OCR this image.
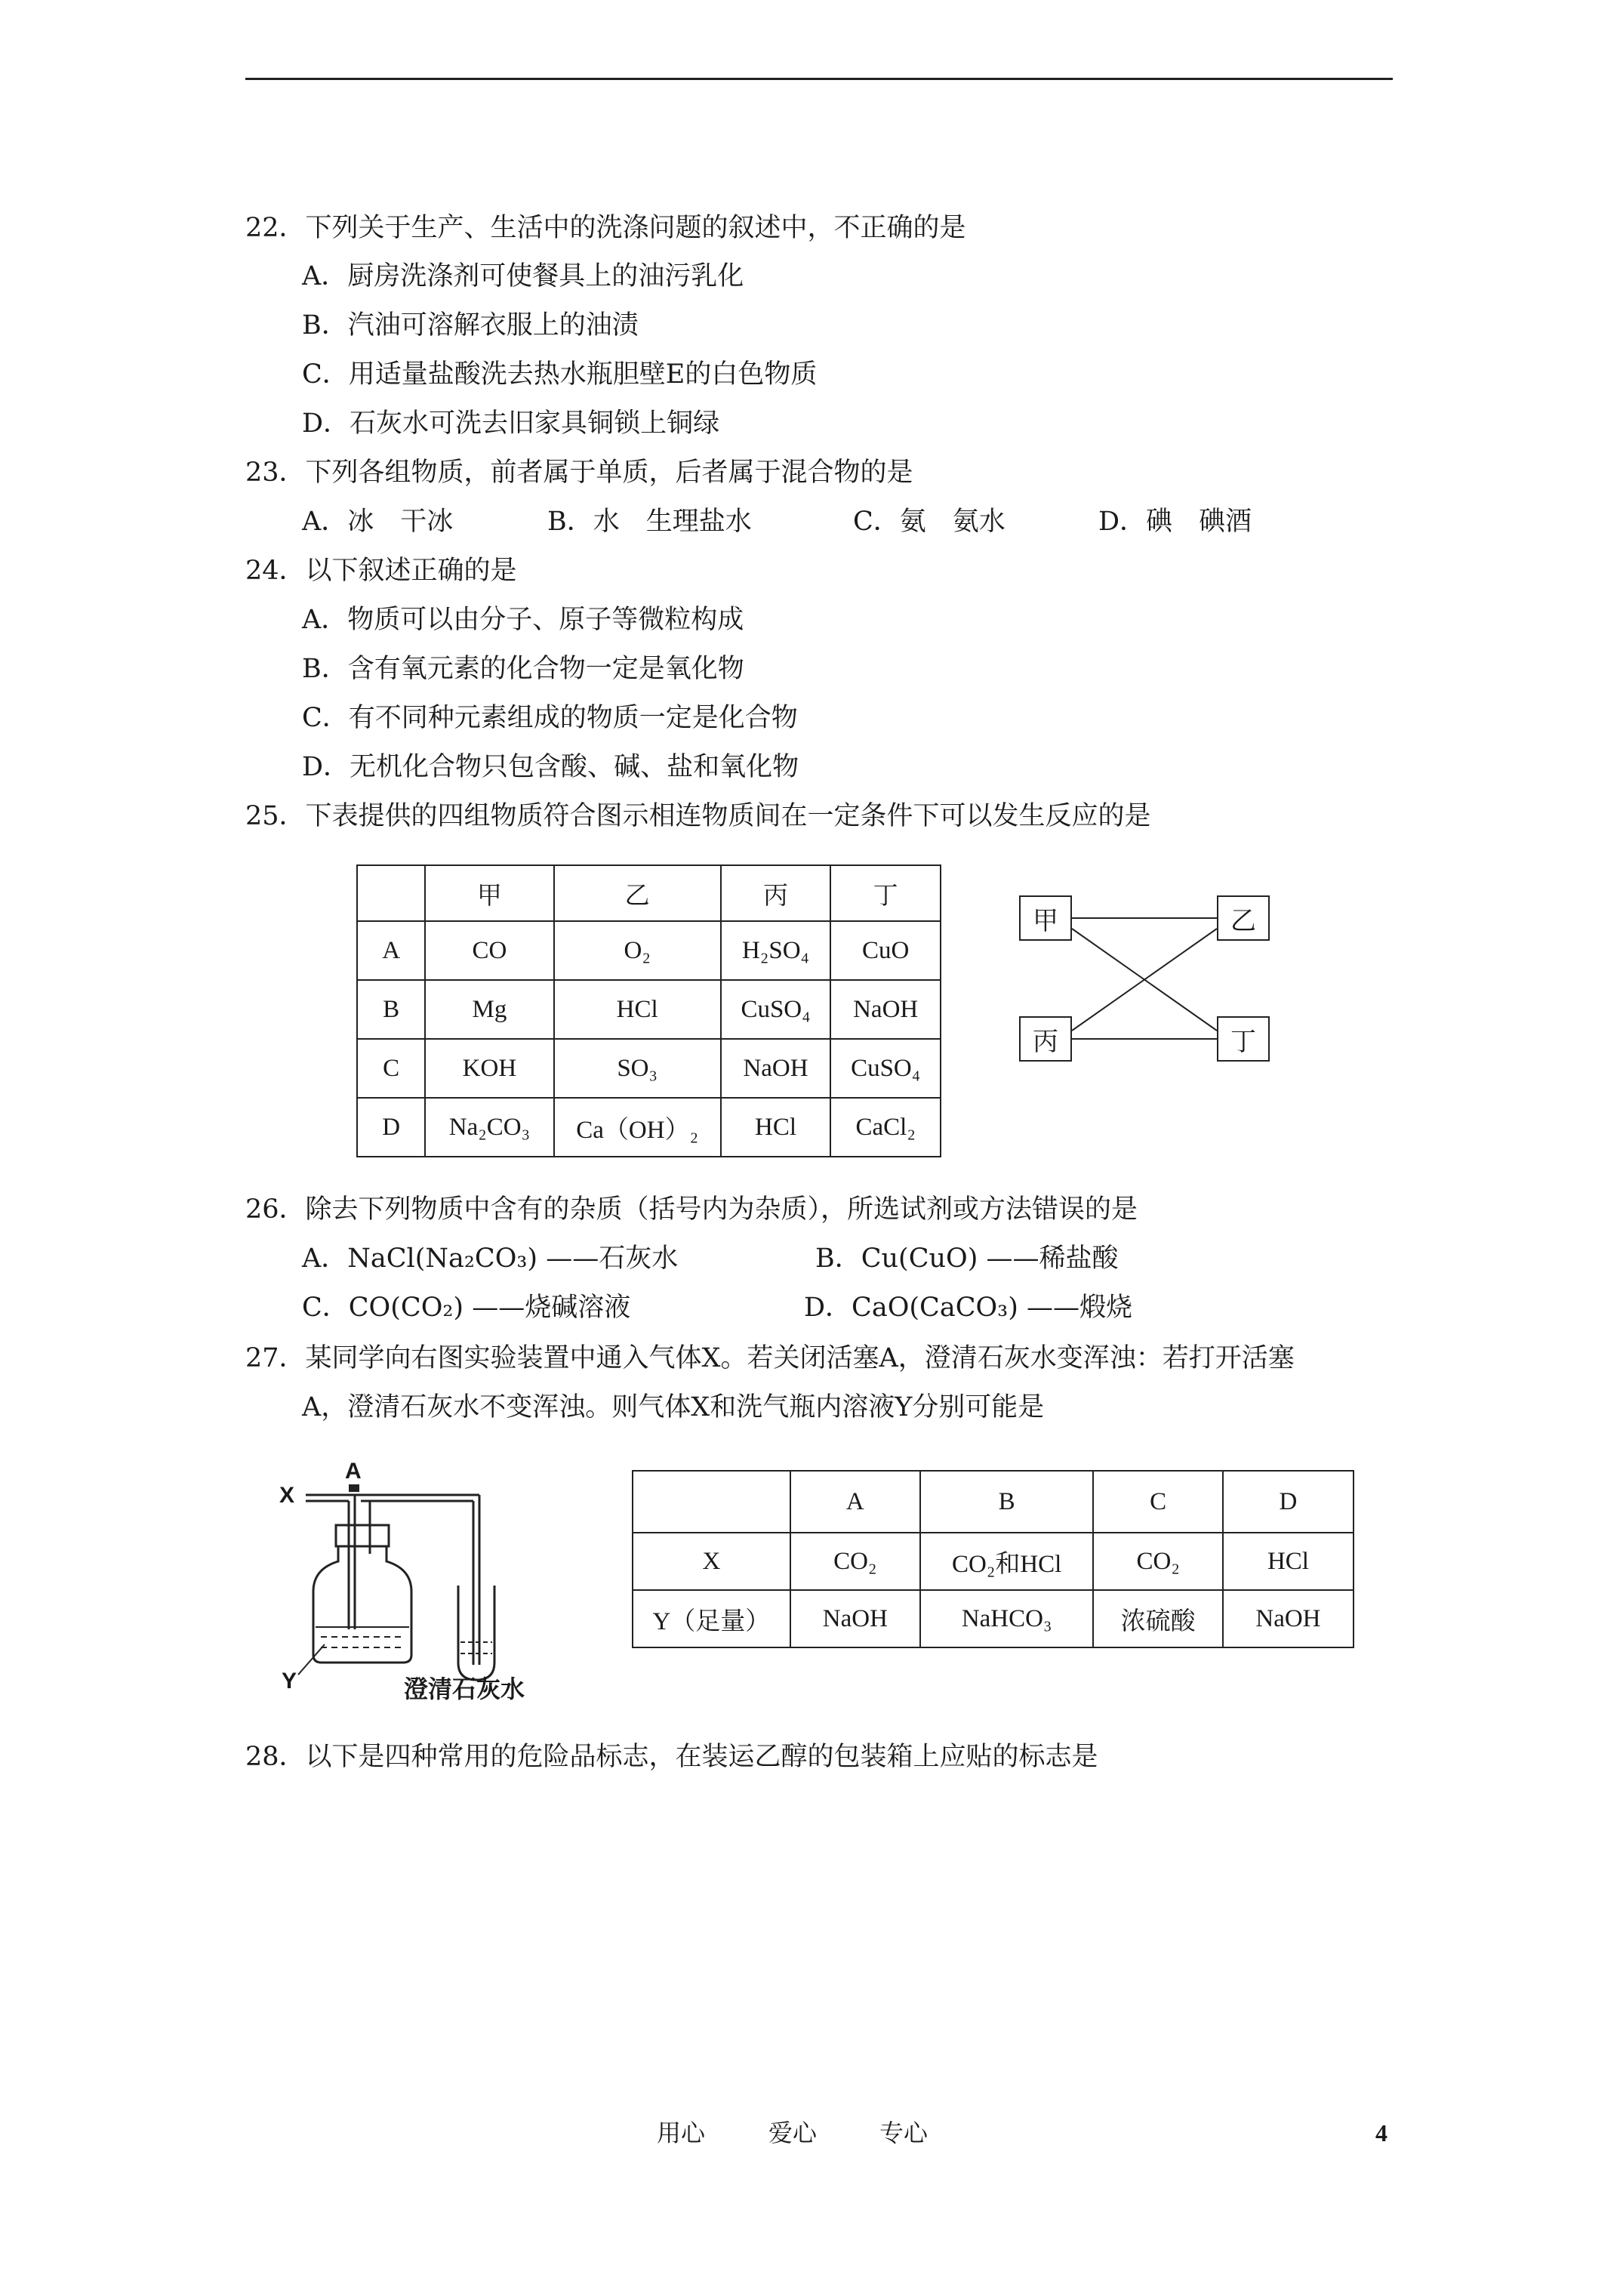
22．下列关于生产、生活中的洗涤问题的叙述中，不正确的是
A．厨房洗涤剂可使餐具上的油污乳化
B．汽油可溶解衣服上的油渍
C．用适量盐酸洗去热水瓶胆壁E的白色物质
D．石灰水可洗去旧家具铜锁上铜绿
23．下列各组物质，前者属于单质，后者属于混合物的是
A．冰　干冰	B．水　生理盐水	C．氨　氨水	D．碘　碘酒
24．以下叙述正确的是
A．物质可以由分子、原子等微粒构成
B．含有氧元素的化合物一定是氧化物
C．有不同种元素组成的物质一定是化合物
D．无机化合物只包含酸、碱、盐和氧化物
25．下表提供的四组物质符合图示相连物质间在一定条件下可以发生反应的是
	甲	乙	丙	丁
A	CO	O₂	H₂SO₄	CuO
B	Mg	HCl	CuSO₄	NaOH
C	KOH	SO₃	NaOH	CuSO₄
D	Na₂CO₃	Ca（OH）₂	HCl	CaCl₂
甲	乙
丙	丁
26．除去下列物质中含有的杂质（括号内为杂质），所选试剂或方法错误的是
A．NaCl(Na₂CO₃) ——石灰水	B．Cu(CuO) ——稀盐酸
C．CO(CO₂) ——烧碱溶液	D．CaO(CaCO₃) ——煅烧
27．某同学向右图实验装置中通入气体X。若关闭活塞A，澄清石灰水变浑浊：若打开活塞
A，澄清石灰水不变浑浊。则气体X和洗气瓶内溶液Y分别可能是
X
A
Y	澄清石灰水
	A	B	C	D
X	CO₂	CO₂和HCl	CO₂	HCl
Y（足量）	NaOH	NaHCO₃	浓硫酸	NaOH
28．以下是四种常用的危险品标志，在装运乙醇的包装箱上应贴的标志是
用心	爱心	专心	4
